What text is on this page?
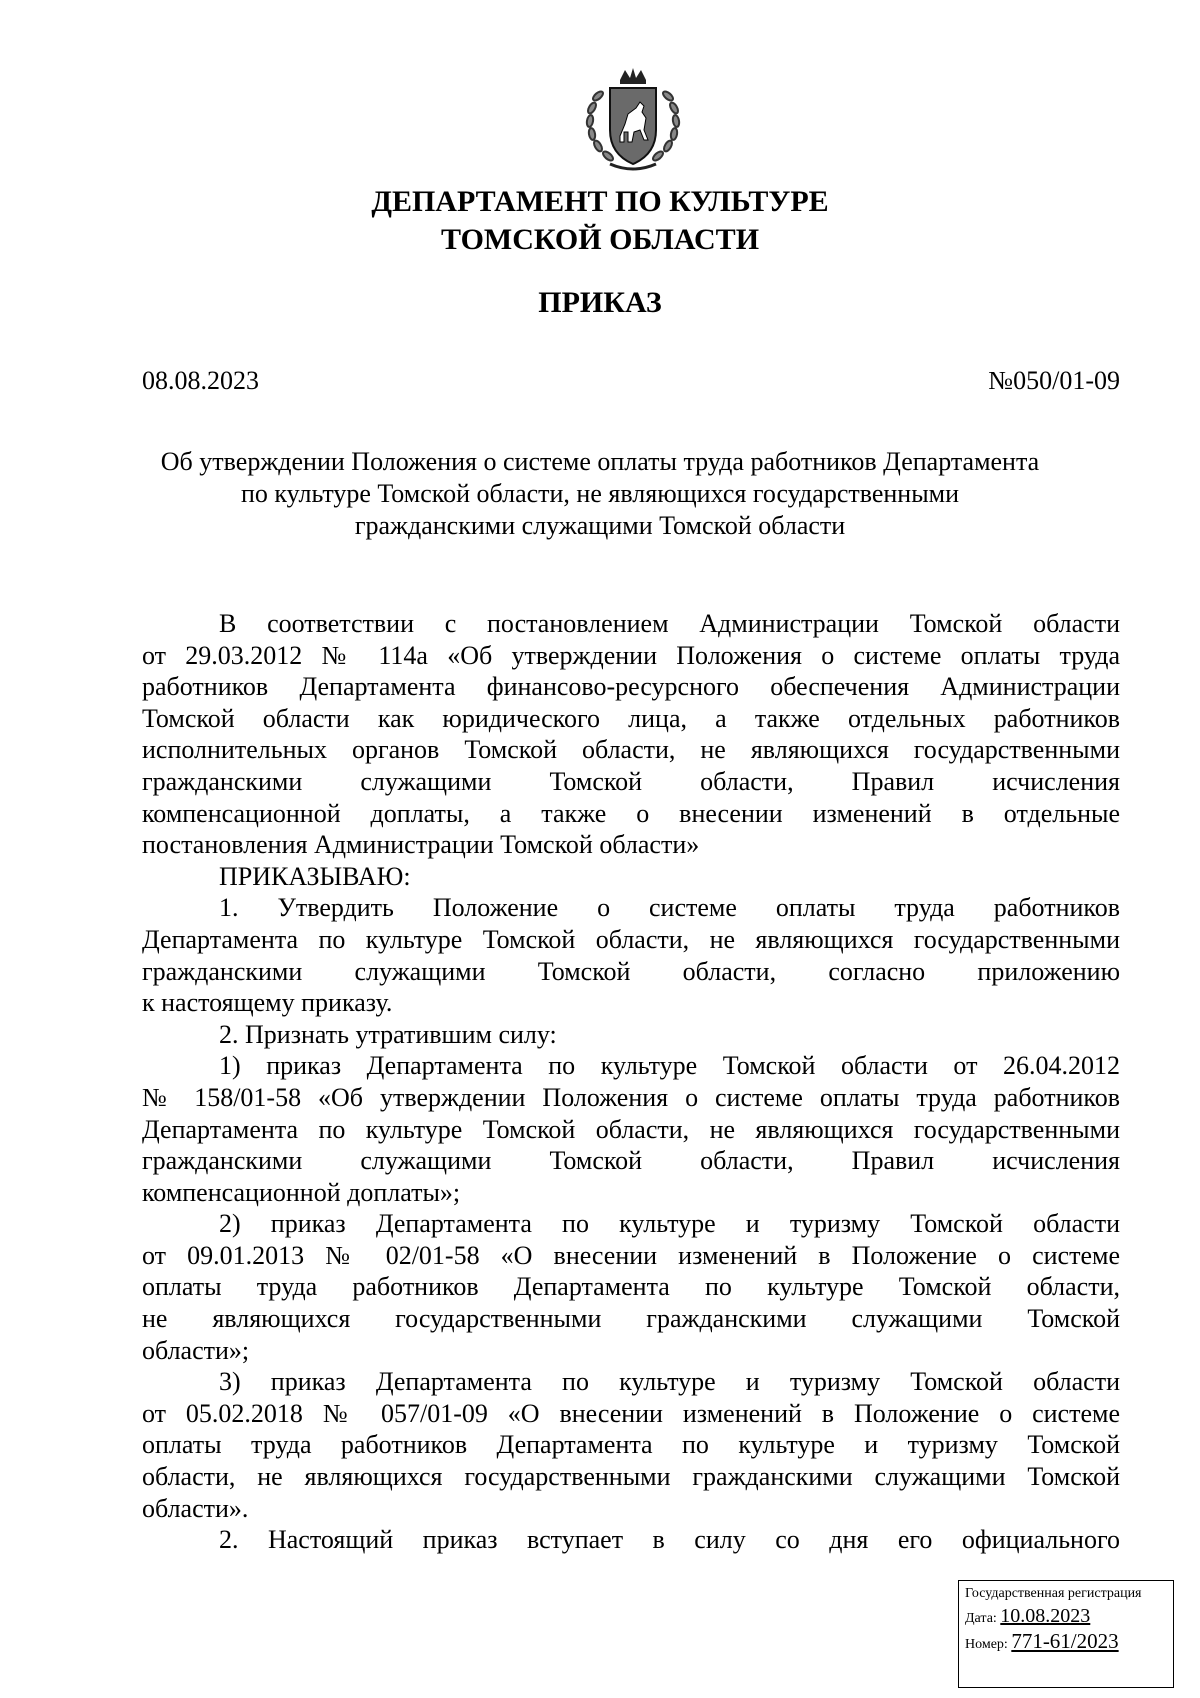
ДЕПАРТАМЕНТ ПО КУЛЬТУРЕ
ТОМСКОЙ ОБЛАСТИ
ПРИКАЗ
08.08.2023	№050/01-09
Об утверждении Положения о системе оплаты труда работников Департамента
по культуре Томской области, не являющихся государственными
гражданскими служащими Томской области
В соответствии с постановлением Администрации Томской области
от 29.03.2012 № 114а «Об утверждении Положения о системе оплаты труда
работников Департамента финансово-ресурсного обеспечения Администрации
Томской области как юридического лица, а также отдельных работников
исполнительных органов Томской области, не являющихся государственными
гражданскими служащими Томской области, Правил исчисления
компенсационной доплаты, а также о внесении изменений в отдельные
постановления Администрации Томской области»
ПРИКАЗЫВАЮ:
1. Утвердить Положение о системе оплаты труда работников
Департамента по культуре Томской области, не являющихся государственными
гражданскими служащими Томской области, согласно приложению
к настоящему приказу.
2. Признать утратившим силу:
1) приказ Департамента по культуре Томской области от 26.04.2012
№ 158/01-58 «Об утверждении Положения о системе оплаты труда работников
Департамента по культуре Томской области, не являющихся государственными
гражданскими служащими Томской области, Правил исчисления
компенсационной доплаты»;
2) приказ Департамента по культуре и туризму Томской области
от 09.01.2013 № 02/01-58 «О внесении изменений в Положение о системе
оплаты труда работников Департамента по культуре Томской области,
не являющихся государственными гражданскими служащими Томской
области»;
3) приказ Департамента по культуре и туризму Томской области
от 05.02.2018 № 057/01-09 «О внесении изменений в Положение о системе
оплаты труда работников Департамента по культуре и туризму Томской
области, не являющихся государственными гражданскими служащими Томской
области».
2. Настоящий приказ вступает в силу со дня его официального
Государственная регистрация
Дата: 10.08.2023
Номер: 771-61/2023
